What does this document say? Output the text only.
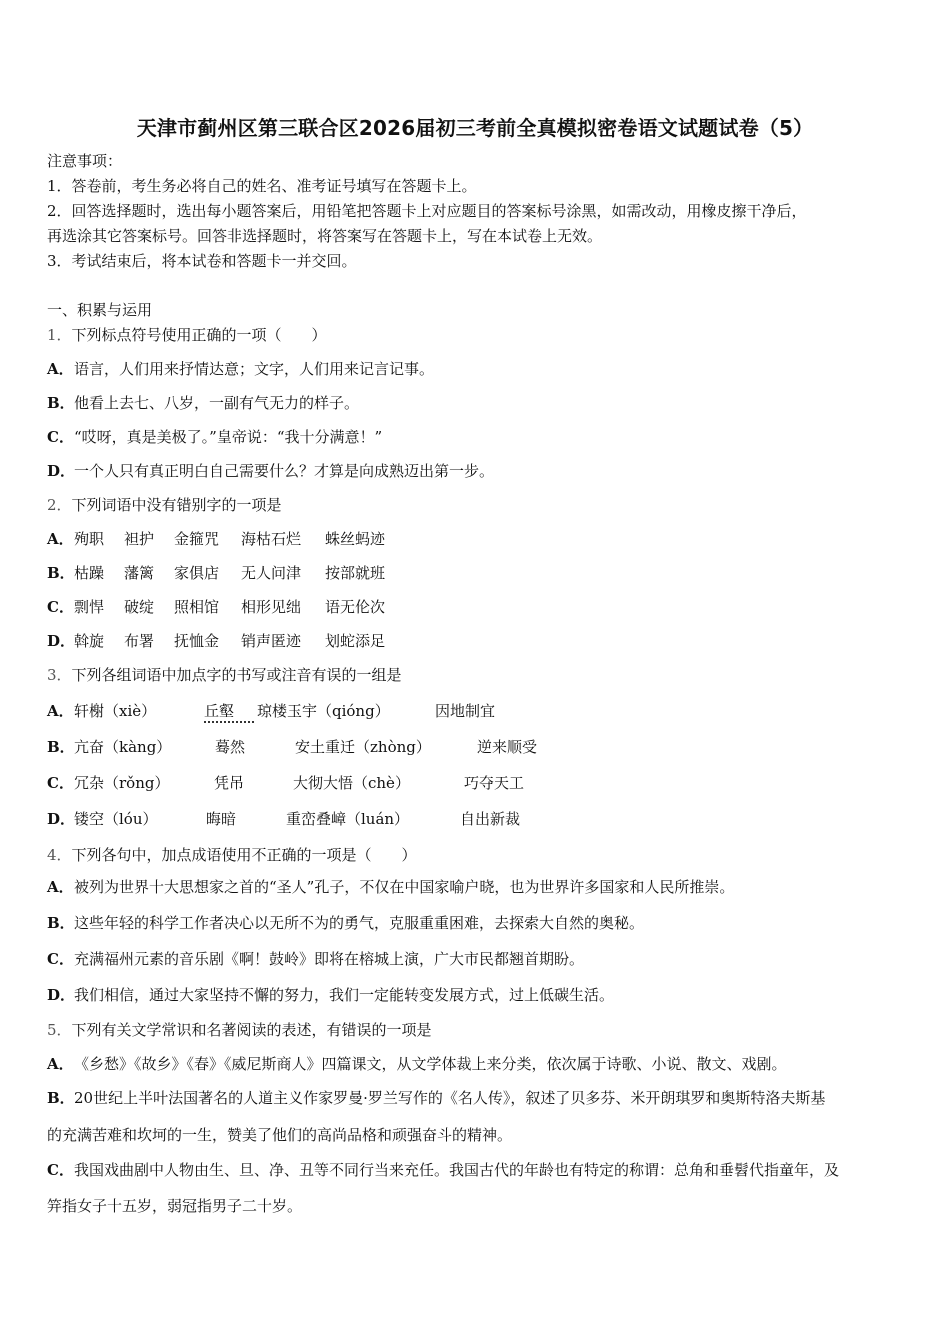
天津市蓟州区第三联合区2026届初三考前全真模拟密卷语文试题试卷（5）
注意事项：
1．答卷前，考生务必将自己的姓名、准考证号填写在答题卡上。
2．回答选择题时，选出每小题答案后，用铅笔把答题卡上对应题目的答案标号涂黑，如需改动，用橡皮擦干净后，
再选涂其它答案标号。回答非选择题时，将答案写在答题卡上，写在本试卷上无效。
3．考试结束后，将本试卷和答题卡一并交回。
一、积累与运用
1．下列标点符号使用正确的一项（　　）
A．语言，人们用来抒情达意；文字，人们用来记言记事。
B．他看上去七、八岁，一副有气无力的样子。
C．“哎呀，真是美极了。”皇帝说：“我十分满意！”
D．一个人只有真正明白自己需要什么？才算是向成熟迈出第一步。
2．下列词语中没有错别字的一项是
A．殉职 袒护 金箍咒 海枯石烂 蛛丝蚂迹
B．枯躁 藩篱 家俱店 无人问津 按部就班
C．剽悍 破绽 照相馆 相形见绌 语无伦次
D．斡旋 布署 抚恤金 销声匿迹 划蛇添足
3．下列各组词语中加点字的书写或注音有误的一组是
A．轩榭（xiè）	丘壑 琼楼玉宇（qióng）	因地制宜
B．亢奋（kàng）	蓦然	安土重迁（zhòng）	逆来顺受
C．冗杂（rǒng）	凭吊	大彻大悟（chè）	巧夺天工
D．镂空（lóu）	晦暗	重峦叠嶂（luán）	自出新裁
4．下列各句中，加点成语使用不正确的一项是（　　）
A．被列为世界十大思想家之首的“圣人”孔子，不仅在中国家喻户晓，也为世界许多国家和人民所推崇。
B．这些年轻的科学工作者决心以无所不为的勇气，克服重重困难，去探索大自然的奥秘。
C．充满福州元素的音乐剧《啊！鼓岭》即将在榕城上演，广大市民都翘首期盼。
D．我们相信，通过大家坚持不懈的努力，我们一定能转变发展方式，过上低碳生活。
5．下列有关文学常识和名著阅读的表述，有错误的一项是
A．《乡愁》《故乡》《春》《威尼斯商人》四篇课文，从文学体裁上来分类，依次属于诗歌、小说、散文、戏剧。
B．20世纪上半叶法国著名的人道主义作家罗曼·罗兰写作的《名人传》，叙述了贝多芬、米开朗琪罗和奥斯特洛夫斯基
的充满苦难和坎坷的一生，赞美了他们的高尚品格和顽强奋斗的精神。
C．我国戏曲剧中人物由生、旦、净、丑等不同行当来充任。我国古代的年龄也有特定的称谓：总角和垂髫代指童年，及
笄指女子十五岁，弱冠指男子二十岁。
